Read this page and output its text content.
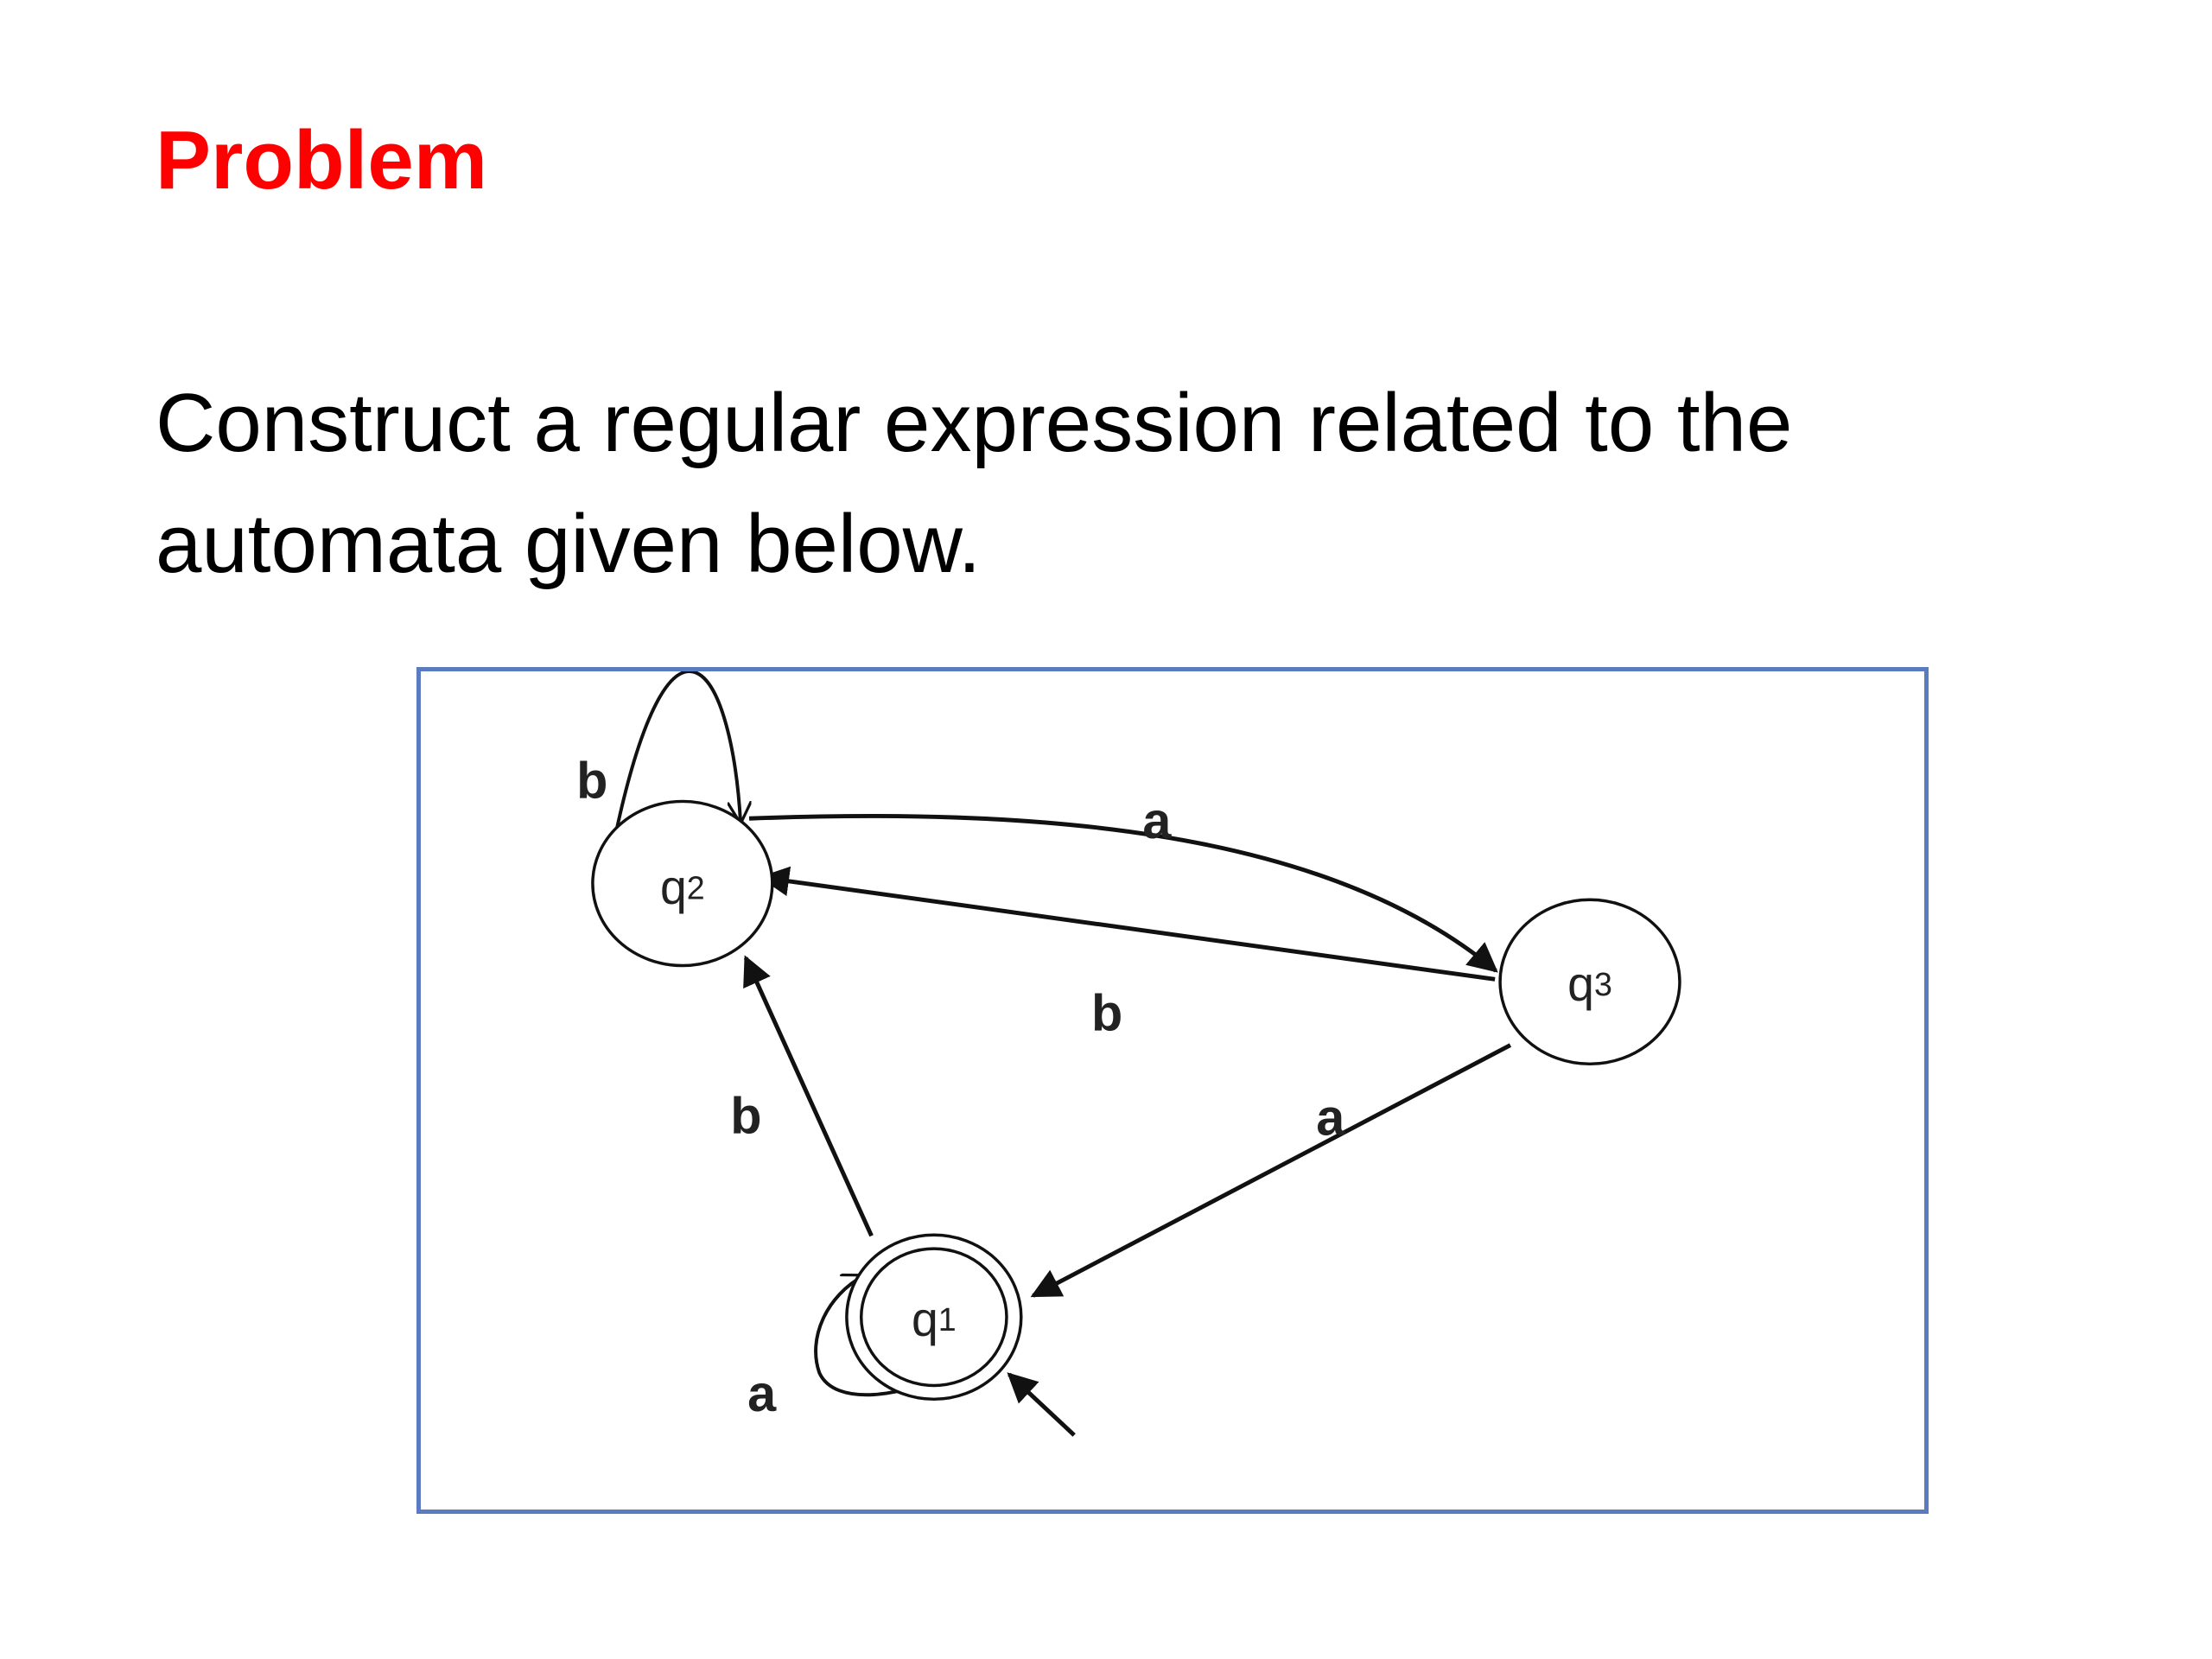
Problem

Construct a regular expression related to the automata given below.

b
a
b
b	a
a
q2
q3
q1
